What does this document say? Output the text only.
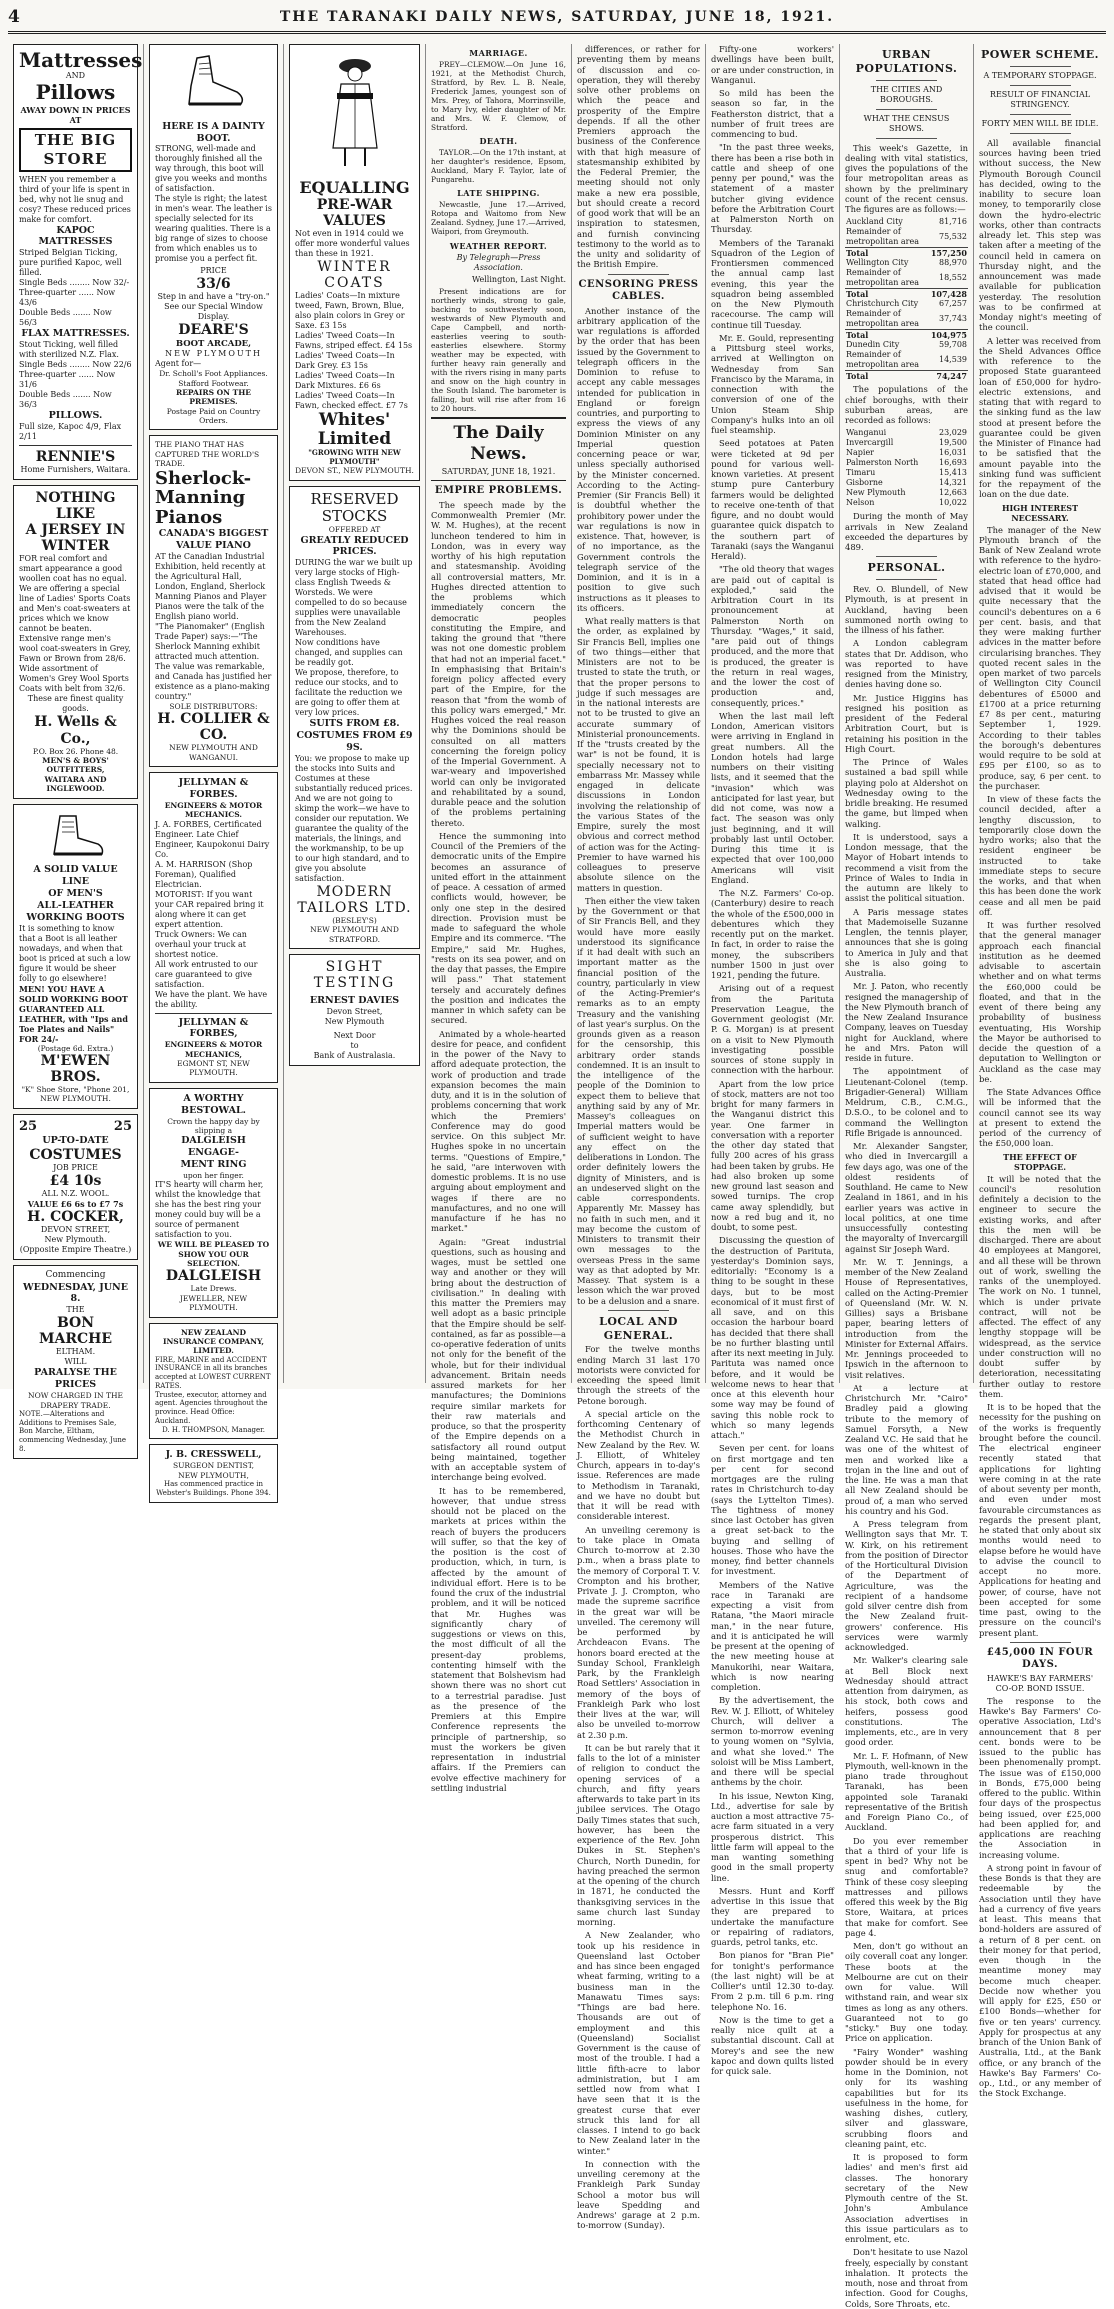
4	THE TARANAKI DAILY NEWS, SATURDAY, JUNE 18, 1921.
Mattresses
AND
Pillows
AWAY DOWN IN PRICES AT
THE BIG STORE
WHEN you remember a third of your life is spent in bed, why not lie snug and cosy? These reduced prices make for comfort.
KAPOC MATTRESSES
Striped Belgian Ticking, pure purified Kapoc, well filled.
Single Beds ........ Now 32/-
Three-quarter ...... Now 43/6
Double Beds ....... Now 56/3
FLAX MATTRESSES.
Stout Ticking, well filled with sterilized N.Z. Flax.
Single Beds ........ Now 22/6
Three-quarter ...... Now 31/6
Double Beds ....... Now 36/3
PILLOWS.
Full size, Kapoc 4/9, Flax 2/11
RENNIE'S
Home Furnishers, Waitara.
NOTHING LIKE
A JERSEY IN
WINTER
FOR real comfort and smart appearance a good woollen coat has no equal.
We are offering a special line of Ladies' Sports Coats and Men's coat-sweaters at prices which we know cannot be beaten.
Extensive range men's wool coat-sweaters in Grey, Fawn or Brown from 28/6.
Wide assortment of Women's Grey Wool Sports Coats with belt from 32/6.
These are finest quality goods.
H. Wells & Co.,
P.O. Box 26. Phone 48.
MEN'S & BOYS' OUTFITTERS,
WAITARA AND INGLEWOOD.
A SOLID VALUE LINE
OF MEN'S
ALL-LEATHER WORKING BOOTS
It is something to know that a Boot is all leather nowadays, and when that boot is priced at such a low figure it would be sheer folly to go elsewhere!
MEN! YOU HAVE A SOLID WORKING BOOT GUARANTEED ALL LEATHER, with "Ips and Toe Plates and Nails" FOR 24/-
(Postage 6d. Extra.)
M'EWEN BROS.
"K" Shoe Store, "Phone 201, NEW PLYMOUTH.
25	25
UP-TO-DATE
COSTUMES
JOB PRICE
£4 10s
ALL N.Z. WOOL.
VALUE £6 6s to £7 7s
H. COCKER,
DEVON STREET,
New Plymouth.
(Opposite Empire Theatre.)
Commencing
WEDNESDAY, JUNE 8.
THE
BON MARCHE
ELTHAM.
WILL
PARALYSE THE PRICES
NOW CHARGED IN THE DRAPERY TRADE.
NOTE.—Alterations and Additions to Premises Sale, Bon Marche, Eltham, commencing Wednesday, June 8.
HERE IS A DAINTY
BOOT.
STRONG, well-made and thoroughly finished all the way through, this boot will give you weeks and months of satisfaction.
The style is right; the latest in men's wear. The leather is specially selected for its wearing qualities. There is a big range of sizes to choose from which enables us to promise you a perfect fit.
PRICE
33/6
Step in and have a "try-on."
See our Special Window Display.
DEARE'S
BOOT ARCADE,
NEW PLYMOUTH
Agent for—
Dr. Scholl's Foot Appliances.
Stafford Footwear.
REPAIRS ON THE PREMISES.
Postage Paid on Country Orders.
THE PIANO THAT HAS CAPTURED THE WORLD'S TRADE.
Sherlock-
Manning
Pianos
CANADA'S BIGGEST
VALUE PIANO
AT the Canadian Industrial Exhibition, held recently at the Agricultural Hall, London, England, Sherlock Manning Pianos and Player Pianos were the talk of the English piano world.
"The Pianomaker" (English Trade Paper) says:—"The Sherlock Manning exhibit attracted much attention. The value was remarkable, and Canada has justified her existence as a piano-making country."
SOLE DISTRIBUTORS:
H. COLLIER & CO.
NEW PLYMOUTH AND
WANGANUI.
JELLYMAN & FORBES.
ENGINEERS & MOTOR MECHANICS.
J. A. FORBES, Certificated Engineer. Late Chief Engineer, Kaupokonui Dairy Co.
A. M. HARRISON (Shop Foreman), Qualified Electrician.
MOTORIST: If you want your CAR repaired bring it along where it can get expert attention.
Truck Owners: We can overhaul your truck at shortest notice.
All work entrusted to our care guaranteed to give satisfaction.
We have the plant. We have the ability.
JELLYMAN & FORBES,
ENGINEERS & MOTOR MECHANICS,
EGMONT ST, NEW PLYMOUTH.
A WORTHY
BESTOWAL.
Crown the happy day by slipping a
DALGLEISH
ENGAGE-
MENT RING
upon her finger.
IT'S hearty will charm her, whilst the knowledge that she has the best ring your money could buy will be a source of permanent satisfaction to you.
WE WILL BE PLEASED TO SHOW YOU OUR SELECTION.
DALGLEISH
Late Drews.
JEWELLER, NEW PLYMOUTH.
NEW ZEALAND INSURANCE COMPANY, LIMITED.
FIRE, MARINE and ACCIDENT INSURANCE in all its branches accepted at LOWEST CURRENT RATES.
Trustee, executor, attorney and agent. Agencies throughout the province. Head Office: Auckland.
D. H. THOMPSON, Manager.
J. B. CRESSWELL,
SURGEON DENTIST,
NEW PLYMOUTH,
Has commenced practice in Webster's Buildings. Phone 394.
EQUALLING
PRE-WAR VALUES
Not even in 1914 could we offer more wonderful values than these in 1921.
WINTER
COATS
Ladies' Coats—In mixture tweed, Fawn, Brown, Blue, also plain colors in Grey or Saxe. £3 15s
Ladies' Tweed Coats—In Fawns, striped effect. £4 15s
Ladies' Tweed Coats—In Dark Grey. £3 15s
Ladies' Tweed Coats—In Dark Mixtures. £6 6s
Ladies' Tweed Coats—In Fawn, checked effect. £7 7s
Whites' Limited
"GROWING WITH NEW PLYMOUTH"
DEVON ST., NEW PLYMOUTH.
RESERVED
STOCKS
OFFERED AT
GREATLY REDUCED PRICES.
DURING the war we built up very large stocks of High-class English Tweeds & Worsteds. We were compelled to do so because supplies were unavailable from the New Zealand Warehouses.
Now conditions have changed, and supplies can be readily got.
We propose, therefore, to reduce our stocks, and to facilitate the reduction we are going to offer them at very low prices.
SUITS FROM £8.
COSTUMES FROM £9 9S.
You: we propose to make up the stocks into Suits and Costumes at these substantially reduced prices. And we are not going to skimp the work—we have to consider our reputation. We guarantee the quality of the materials, the linings, and the workmanship, to be up to our high standard, and to give you absolute satisfaction.
MODERN
TAILORS LTD.
(BESLEY'S)
NEW PLYMOUTH AND STRATFORD.
SIGHT
TESTING
ERNEST DAVIES
Devon Street,
New Plymouth
Next Door
to
Bank of Australasia.
MARRIAGE.
PREY—CLEMOW.—On June 16, 1921, at the Methodist Church, Stratford, by Rev. L. B. Neale, Frederick James, youngest son of Mrs. Prey, of Tahora, Morrinsville, to Mary Ivy, elder daughter of Mr. and Mrs. W. F. Clemow, of Stratford.
DEATH.
TAYLOR.—On the 17th instant, at her daughter's residence, Epsom, Auckland, Mary F. Taylor, late of Pungarehu.
LATE SHIPPING.
Newcastle, June 17.—Arrived, Rotopa and Waitomo from New Zealand. Sydney, June 17.—Arrived, Waipori, from Greymouth.
WEATHER REPORT.
By Telegraph—Press Association.
Wellington, Last Night.
Present indications are for northerly winds, strong to gale, backing to southwesterly soon, westwards of New Plymouth and Cape Campbell, and north-easterlies veering to south-easterlies elsewhere. Stormy weather may be expected, with further heavy rain generally and with the rivers rising in many parts and snow on the high country in the South Island. The barometer is falling, but will rise after from 16 to 20 hours.
The Daily News.
SATURDAY, JUNE 18, 1921.
EMPIRE PROBLEMS.
The speech made by the Commonwealth Premier (Mr. W. M. Hughes), at the recent luncheon tendered to him in London, was in every way worthy of his high reputation and statesmanship. Avoiding all controversial matters, Mr. Hughes directed attention to the problems which immediately concern the democratic peoples constituting the Empire, and taking the ground that "there was not one domestic problem that had not an imperial facet." In emphasising that Britain's foreign policy affected every part of the Empire, for the reason that "from the womb of this policy wars emerged," Mr. Hughes voiced the real reason why the Dominions should be consulted on all matters concerning the foreign policy of the Imperial Government. A war-weary and impoverished world can only be invigorated and rehabilitated by a sound, durable peace and the solution of the problems pertaining thereto.
Hence the summoning into Council of the Premiers of the democratic units of the Empire becomes an assurance of united effort in the attainment of peace. A cessation of armed conflicts would, however, be only one step in the desired direction. Provision must be made to safeguard the whole Empire and its commerce. "The Empire," said Mr. Hughes, "rests on its sea power, and on the day that passes, the Empire will pass." That statement tersely and accurately defines the position and indicates the manner in which safety can be secured.
Animated by a whole-hearted desire for peace, and confident in the power of the Navy to afford adequate protection, the work of production and trade expansion becomes the main duty, and it is in the solution of problems concerning that work which the Premiers' Conference may do good service. On this subject Mr. Hughes spoke in no uncertain terms. "Questions of Empire," he said, "are interwoven with domestic problems. It is no use arguing about employment and wages if there are no manufactures, and no one will manufacture if he has no market."
Again: "Great industrial questions, such as housing and wages, must be settled one way and another or they will bring about the destruction of civilisation." In dealing with this matter the Premiers may well adopt as a basic principle that the Empire should be self-contained, as far as possible—a co-operative federation of units not only for the benefit of the whole, but for their individual advancement. Britain needs assured markets for her manufactures; the Dominions require similar markets for their raw materials and produce, so that the prosperity of the Empire depends on a satisfactory all round output being maintained, together with an acceptable system of interchange being evolved.
It has to be remembered, however, that undue stress should not be placed on the markets at prices within the reach of buyers the producers will suffer, so that the key of the position is the cost of production, which, in turn, is affected by the amount of individual effort. Here is to be found the crux of the industrial problem, and it will be noticed that Mr. Hughes was significantly chary of suggestions or views on this, the most difficult of all the present-day problems, contenting himself with the statement that Bolshevism had shown there was no short cut to a terrestrial paradise. Just as the presence of the Premiers at this Empire Conference represents the principle of partnership, so must the workers be given representation in industrial affairs. If the Premiers can evolve effective machinery for settling industrial
differences, or rather for preventing them by means of discussion and co-operation, they will thereby solve other problems on which the peace and prosperity of the Empire depends. If all the other Premiers approach the business of the Conference with that high measure of statesmanship exhibited by the Federal Premier, the meeting should not only make a new era possible, but should create a record of good work that will be an inspiration to statesmen, and furnish convincing testimony to the world as to the unity and solidarity of the British Empire.
CENSORING PRESS CABLES.
Another instance of the arbitrary application of the war regulations is afforded by the order that has been issued by the Government to telegraph officers in the Dominion to refuse to accept any cable messages intended for publication in England or foreign countries, and purporting to express the views of any Dominion Minister on any Imperial question concerning peace or war, unless specially authorised by the Minister concerned. According to the Acting-Premier (Sir Francis Bell) it is doubtful whether the prohibitory power under the war regulations is now in existence. That, however, is of no importance, as the Government controls the telegraph service of the Dominion, and it is in a position to give such instructions as it pleases to its officers.
What really matters is that the order, as explained by Sir Francis Bell, implies one of two things—either that Ministers are not to be trusted to state the truth, or that the proper persons to judge if such messages are in the national interests are not to be trusted to give an accurate summary of Ministerial pronouncements. If the "trusts created by the war" is not be found, it is specially necessary not to embarrass Mr. Massey while engaged in delicate discussions in London involving the relationship of the various States of the Empire, surely the most obvious and correct method of action was for the Acting-Premier to have warned his colleagues to preserve absolute silence on the matters in question.
Then either the view taken by the Government or that of Sir Francis Bell, and they would have more easily understood its significance if it had dealt with such an important matter as the financial position of the country, particularly in view of the Acting-Premier's remarks as to an empty Treasury and the vanishing of last year's surplus. On the grounds given as a reason for the censorship, this arbitrary order stands condemned. It is an insult to the intelligence of the people of the Dominion to expect them to believe that anything said by any of Mr. Massey's colleagues on Imperial matters would be of sufficient weight to have any effect on the deliberations in London. The order definitely lowers the dignity of Ministers, and is an undeserved slight on the cable correspondents. Apparently Mr. Massey has no faith in such men, and it may become the custom of Ministers to transmit their own messages to the overseas Press in the same way as that adopted by Mr. Massey. That system is a lesson which the war proved to be a delusion and a snare.
LOCAL AND GENERAL.
For the twelve months ending March 31 last 170 motorists were convicted for exceeding the speed limit through the streets of the Petone borough.
A special article on the forthcoming Centenary of the Methodist Church in New Zealand by the Rev. W. J. Elliott, of Whiteley Church, appears in to-day's issue. References are made to Methodism in Taranaki, and we have no doubt but that it will be read with considerable interest.
An unveiling ceremony is to take place in Omata Church to-morrow at 2.30 p.m., when a brass plate to the memory of Corporal T. V. Crompton and his brother, Private J. J. Crompton, who made the supreme sacrifice in the great war will be unveiled. The ceremony will be performed by Archdeacon Evans. The honors board erected at the Sunday School, Frankleigh Park, by the Frankleigh Road Settlers' Association in memory of the boys of Frankleigh Park who lost their lives at the war, will also be unveiled to-morrow at 2.30 p.m.
It can be but rarely that it falls to the lot of a minister of religion to conduct the opening services of a church, and fifty years afterwards to take part in its jubilee services. The Otago Daily Times states that such, however, has been the experience of the Rev. John Dukes in St. Stephen's Church, North Dunedin, for having preached the sermon at the opening of the church in 1871, he conducted the thanksgiving services in the same church last Sunday morning.
A New Zealander, who took up his residence in Queensland last October and has since been engaged wheat farming, writing to a business man in the Manawatu Times says: "Things are bad here. Thousands are out of employment and this (Queensland) Socialist Government is the cause of most of the trouble. I had a little fifth-acre to labor administration, but I am settled now from what I have seen that it is the greatest curse that ever struck this land for all classes. I intend to go back to New Zealand later in the winter."
In connection with the unveiling ceremony at the Frankleigh Park Sunday School a motor bus will leave Spedding and Andrews' garage at 2 p.m. to-morrow (Sunday).
Fifty-one workers' dwellings have been built, or are under construction, in Wanganui.
So mild has been the season so far, in the Featherston district, that a number of fruit trees are commencing to bud.
"In the past three weeks, there has been a rise both in cattle and sheep of one penny per pound," was the statement of a master butcher giving evidence before the Arbitration Court at Palmerston North on Thursday.
Members of the Taranaki Squadron of the Legion of Frontiersmen commenced the annual camp last evening, this year the squadron being assembled on the New Plymouth racecourse. The camp will continue till Tuesday.
Mr. E. Gould, representing a Pittsburg steel works, arrived at Wellington on Wednesday from San Francisco by the Marama, in connection with the conversion of one of the Union Steam Ship Company's hulks into an oil fuel steamship.
Seed potatoes at Paten were ticketed at 9d per pound for various well-known varieties. At present stump pure Canterbury farmers would be delighted to receive one-tenth of that figure, and no doubt would guarantee quick dispatch to the southern part of Taranaki (says the Wanganui Herald).
"The old theory that wages are paid out of capital is exploded," said the Arbitration Court in its pronouncement at Palmerston North on Thursday. "Wages," it said, "are paid out of things produced, and the more that is produced, the greater is the return in real wages, and the lower the cost of production and, consequently, prices."
When the last mail left London, American visitors were arriving in England in great numbers. All the London hotels had large numbers on their visiting lists, and it seemed that the "invasion" which was anticipated for last year, but did not come, was now a fact. The season was only just beginning, and it will probably last until October. During this time it is expected that over 100,000 Americans will visit England.
The N.Z. Farmers' Co-op. (Canterbury) desire to reach the whole of the £500,000 in debentures which they recently put on the market. In fact, in order to raise the money, the subscribers number 1500 in just over 1921, pending the future.
Arising out of a request from the Parituta Preservation League, the Government geologist (Mr. P. G. Morgan) is at present on a visit to New Plymouth investigating possible sources of stone supply in connection with the harbour.
Apart from the low price of stock, matters are not too bright for many farmers in the Wanganui district this year. One farmer in conversation with a reporter the other day stated that fully 200 acres of his grass had been taken by grubs. He had also broken up some new ground last season and sowed turnips. The crop came away splendidly, but now a red bug and it, no doubt, to some pest.
Discussing the question of the destruction of Parituta, yesterday's Dominion says, editorially: "Economy is a thing to be sought in these days, but to be most economical of it must first of all save, and on this occasion the harbour board has decided that there shall be no further blasting until after its next meeting in July. Parituta was named once before, and it would be welcome news to hear that once at this eleventh hour some way may be found of saving this noble rock to which so many legends attach."
Seven per cent. for loans on first mortgage and ten per cent for second mortgages are the ruling rates in Christchurch to-day (says the Lyttelton Times). The tightness of money since last October has given a great set-back to the buying and selling of houses. Those who have the money, find better channels for investment.
Members of the Native race in Taranaki are expecting a visit from Ratana, "the Maori miracle man," in the near future, and it is anticipated he will be present at the opening of the new meeting house at Manukorihi, near Waitara, which is now nearing completion.
By the advertisement, the Rev. W. J. Elliott, of Whiteley Church, will deliver a sermon to-morrow evening to young women on "Sylvia, and what she loved." The soloist will be Miss Lambert, and there will be special anthems by the choir.
In his issue, Newton King, Ltd., advertise for sale by auction a most attractive 75-acre farm situated in a very prosperous district. This little farm will appeal to the man wanting something good in the small property line.
Messrs. Hunt and Korff advertise in this issue that they are prepared to undertake the manufacture or repairing of radiators, guards, petrol tanks, etc.
Bon pianos for "Bran Pie" for tonight's performance (the last night) will be at Collier's until 12.30 to-day. From 2 p.m. till 6 p.m. ring telephone No. 16.
Now is the time to get a really nice quilt at a substantial discount. Call at Morey's and see the new kapoc and down quilts listed for quick sale.
URBAN POPULATIONS.
THE CITIES AND BOROUGHS.
WHAT THE CENSUS SHOWS.
This week's Gazette, in dealing with vital statistics, gives the populations of the four metropolitan areas as shown by the preliminary count of the recent census. The figures are as follows:—
Auckland City	81,716
Remainder of metropolitan area	75,532
Total	157,250
Wellington City	88,970
Remainder of metropolitan area	18,552
Total	107,428
Christchurch City	67,257
Remainder of metropolitan area	37,743
Total	104,975
Dunedin City	59,708
Remainder of metropolitan area	14,539
Total	74,247
The populations of the chief boroughs, with their suburban areas, are recorded as follows:
Wanganui	23,029
Invercargill	19,500
Napier	16,031
Palmerston North	16,693
Timaru	15,413
Gisborne	14,321
New Plymouth	12,663
Nelson	10,022
During the month of May arrivals in New Zealand exceeded the departures by 489.
PERSONAL.
Rev. O. Blundell, of New Plymouth, is at present in Auckland, having been summoned north owing to the illness of his father.
A London cablegram states that Dr. Addison, who was reported to have resigned from the Ministry, denies having done so.
Mr. Justice Higgins has resigned his position as president of the Federal Arbitration Court, but is retaining his position in the High Court.
The Prince of Wales sustained a bad spill while playing polo at Aldershot on Wednesday owing to the bridle breaking. He resumed the game, but limped when walking.
It is understood, says a London message, that the Mayor of Hobart intends to recommend a visit from the Prince of Wales to India in the autumn are likely to assist the political situation.
A Paris message states that Mademoiselle Suzanne Lenglen, the tennis player, announces that she is going to America in July and that she is also going to Australia.
Mr. J. Paton, who recently resigned the managership of the New Plymouth branch of the New Zealand Insurance Company, leaves on Tuesday night for Auckland, where he and Mrs. Paton will reside in future.
The appointment of Lieutenant-Colonel (temp. Brigadier-General) William Meldrum, C.B., C.M.G., D.S.O., to be colonel and to command the Wellington Rifle Brigade is announced.
Mr. Alexander Sangster, who died in Invercargill a few days ago, was one of the oldest residents of Southland. He came to New Zealand in 1861, and in his earlier years was active in local politics, at one time unsuccessfully contesting the mayoralty of Invercargill against Sir Joseph Ward.
Mr. W. T. Jennings, a member of the New Zealand House of Representatives, called on the Acting-Premier of Queensland (Mr. W. N. Gillies) says a Brisbane paper, bearing letters of introduction from the Minister for External Affairs. Mr. Jennings proceeded to Ipswich in the afternoon to visit relatives.
At a lecture at Christchurch Mr. "Cairo" Bradley paid a glowing tribute to the memory of Samuel Forsyth, a New Zealand V.C. He said that he was one of the whitest of men and worked like a trojan in the line and out of the line. He was a man that all New Zealand should be proud of, a man who served his country and his God.
A Press telegram from Wellington says that Mr. T. W. Kirk, on his retirement from the position of Director of the Horticultural Division of the Department of Agriculture, was the recipient of a handsome gold silver centre dish from the New Zealand fruit-growers' conference. His services were warmly acknowledged.
Mr. Walker's clearing sale at Bell Block next Wednesday should attract attention from dairymen, as his stock, both cows and heifers, possess good constitutions. The implements, etc., are in very good order.
Mr. L. F. Hofmann, of New Plymouth, well-known in the piano trade throughout Taranaki, has been appointed sole Taranaki representative of the British and Foreign Piano Co., of Auckland.
Do you ever remember that a third of your life is spent in bed? Why not be snug and comfortable? Think of these cosy sleeping mattresses and pillows offered this week by the Big Store, Waitara, at prices that make for comfort. See page 4.
Men, don't go without an oily coverall coat any longer. These boots at the Melbourne are cut on their own for value. Will withstand rain, and wear six times as long as any others. Guaranteed not to go "sticky." Buy one today. Price on application.
"Fairy Wonder" washing powder should be in every home in the Dominion, not only for its washing capabilities but for its usefulness in the home, for washing dishes, cutlery, silver and glassware, scrubbing floors and cleaning paint, etc.
It is proposed to form ladies' and men's first aid classes. The honorary secretary of the New Plymouth centre of the St. John's Ambulance Association advertises in this issue particulars as to enrolment, etc.
Don't hesitate to use Nazol freely, especially by constant inhalation. It protects the mouth, nose and throat from infection. Good for Coughs, Colds, Sore Throats, etc.
POWER SCHEME.
A TEMPORARY STOPPAGE.
RESULT OF FINANCIAL STRINGENCY.
FORTY MEN WILL BE IDLE.
All available financial sources having been tried without success, the New Plymouth Borough Council has decided, owing to the inability to secure loan money, to temporarily close down the hydro-electric works, other than contracts already let. This step was taken after a meeting of the council held in camera on Thursday night, and the announcement was made available for publication yesterday. The resolution was to be confirmed at Monday night's meeting of the council.
A letter was received from the Sheld Advances Office with reference to the proposed State guaranteed loan of £50,000 for hydro-electric extensions, and stating that with regard to the sinking fund as the law stood at present before the guarantee could be given the Minister of Finance had to be satisfied that the amount payable into the sinking fund was sufficient for the repayment of the loan on the due date.
HIGH INTEREST NECESSARY.
The manager of the New Plymouth branch of the Bank of New Zealand wrote with reference to the hydro-electric loan of £70,000, and stated that head office had advised that it would be quite necessary that the council's debentures on a 6 per cent. basis, and that they were making further advices in the matter before circularising branches. They quoted recent sales in the open market of two parcels of Wellington City Council debentures of £5000 and £1700 at a price returning £7 8s per cent., maturing September 1, 1929. According to their tables the borough's debentures would require to be sold at £95 per £100, so as to produce, say, 6 per cent. to the purchaser.
In view of these facts the council decided, after a lengthy discussion, to temporarily close down the hydro works; also that the resident engineer be instructed to take immediate steps to secure the works, and that when this has been done the work cease and all men be paid off.
It was further resolved that the general manager approach each financial institution as he deemed advisable to ascertain whether and on what terms the £60,000 could be floated, and that in the event of there being any probability of business eventuating, His Worship the Mayor be authorised to decide the question of a deputation to Wellington or Auckland as the case may be.
The State Advances Office will be informed that the council cannot see its way at present to extend the period of the currency of the £50,000 loan.
THE EFFECT OF STOPPAGE.
It will be noted that the council's resolution definitely a decision to the engineer to secure the existing works, and after this the men will be discharged. There are about 40 employees at Mangorei, and all these will be thrown out of work, swelling the ranks of the unemployed. The work on No. 1 tunnel, which is under private contract, will not be affected. The effect of any lengthy stoppage will be widespread, as the service under construction will no doubt suffer by deterioration, necessitating further outlay to restore them.
It is to be hoped that the necessity for the pushing on of the works is frequently brought before the council. The electrical engineer recently stated that applications for lighting were coming in at the rate of about seventy per month, and even under most favourable circumstances as regards the present plant, he stated that only about six months would need to elapse before he would have to advise the council to accept no more. Applications for heating and power, of course, have not been accepted for some time past, owing to the pressure on the council's present plant.
£45,000 IN FOUR DAYS.
HAWKE'S BAY FARMERS' CO-OP. BOND ISSUE.
The response to the Hawke's Bay Farmers' Co-operative Association, Ltd's announcement that 8 per cent. bonds were to be issued to the public has been phenomenally prompt. The issue was of £150,000 in Bonds, £75,000 being offered to the public. Within four days of the prospectus being issued, over £25,000 had been applied for, and applications are reaching the Association in increasing volume.
A strong point in favour of these Bonds is that they are redeemable by the Association until they have had a currency of five years at least. This means that bond-holders are assured of a return of 8 per cent. on their money for that period, even though in the meantime money may become much cheaper. Decide now whether you will apply for £25, £50 or £100 Bonds—whether for five or ten years' currency. Apply for prospectus at any branch of the Union Bank of Australia, Ltd., at the Bank office, or any branch of the Hawke's Bay Farmers' Co-op., Ltd., or any member of the Stock Exchange.
